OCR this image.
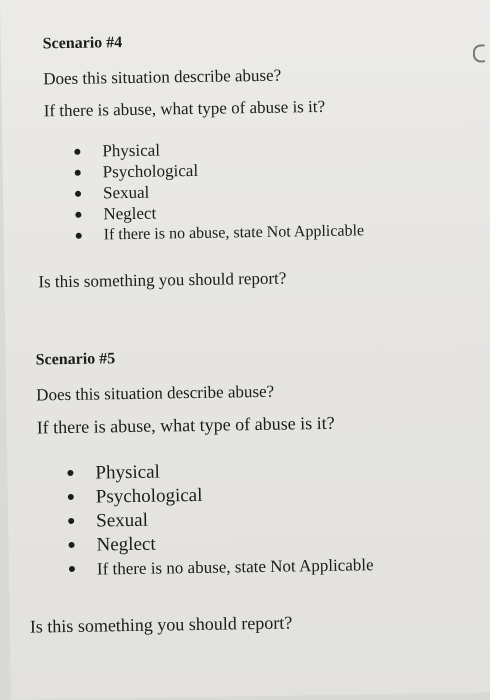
Scenario #4
Does this situation describe abuse?
If there is abuse, what type of abuse is it?
Physical
Psychological
Sexual
Neglect
If there is no abuse, state Not Applicable
Is this something you should report?
Scenario #5
Does this situation describe abuse?
If there is abuse, what type of abuse is it?
Physical
Psychological
Sexual
Neglect
If there is no abuse, state Not Applicable
Is this something you should report?
